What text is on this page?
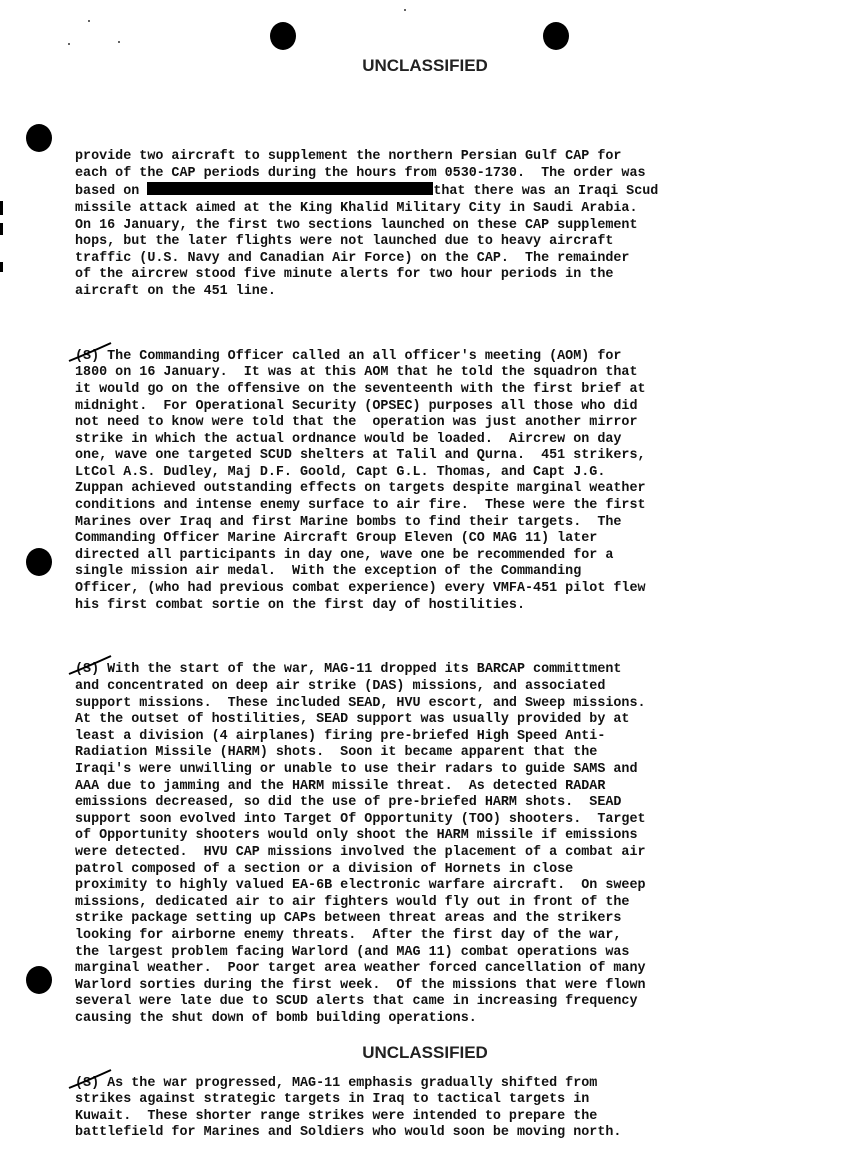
UNCLASSIFIED

provide two aircraft to supplement the northern Persian Gulf CAP for
each of the CAP periods during the hours from 0530-1730.  The order was
based on	that there was an Iraqi Scud
missile attack aimed at the King Khalid Military City in Saudi Arabia.
On 16 January, the first two sections launched on these CAP supplement
hops, but the later flights were not launched due to heavy aircraft
traffic (U.S. Navy and Canadian Air Force) on the CAP.  The remainder
of the aircrew stood five minute alerts for two hour periods in the
aircraft on the 451 line.

(S)
The Commanding Officer called an all officer's meeting (AOM) for
1800 on 16 January.  It was at this AOM that he told the squadron that
it would go on the offensive on the seventeenth with the first brief at
midnight.  For Operational Security (OPSEC) purposes all those who did
not need to know were told that the  operation was just another mirror
strike in which the actual ordnance would be loaded.  Aircrew on day
one, wave one targeted SCUD shelters at Talil and Qurna.  451 strikers,
LtCol A.S. Dudley, Maj D.F. Goold, Capt G.L. Thomas, and Capt J.G.
Zuppan achieved outstanding effects on targets despite marginal weather
conditions and intense enemy surface to air fire.  These were the first
Marines over Iraq and first Marine bombs to find their targets.  The
Commanding Officer Marine Aircraft Group Eleven (CO MAG 11) later
directed all participants in day one, wave one be recommended for a
single mission air medal.  With the exception of the Commanding
Officer, (who had previous combat experience) every VMFA-451 pilot flew
his first combat sortie on the first day of hostilities.

(S)
With the start of the war, MAG-11 dropped its BARCAP committment
and concentrated on deep air strike (DAS) missions, and associated
support missions.  These included SEAD, HVU escort, and Sweep missions.
At the outset of hostilities, SEAD support was usually provided by at
least a division (4 airplanes) firing pre-briefed High Speed Anti-
Radiation Missile (HARM) shots.  Soon it became apparent that the
Iraqi's were unwilling or unable to use their radars to guide SAMS and
AAA due to jamming and the HARM missile threat.  As detected RADAR
emissions decreased, so did the use of pre-briefed HARM shots.  SEAD
support soon evolved into Target Of Opportunity (TOO) shooters.  Target
of Opportunity shooters would only shoot the HARM missile if emissions
were detected.  HVU CAP missions involved the placement of a combat air
patrol composed of a section or a division of Hornets in close
proximity to highly valued EA-6B electronic warfare aircraft.  On sweep
missions, dedicated air to air fighters would fly out in front of the
strike package setting up CAPs between threat areas and the strikers
looking for airborne enemy threats.  After the first day of the war,
the largest problem facing Warlord (and MAG 11) combat operations was
marginal weather.  Poor target area weather forced cancellation of many
Warlord sorties during the first week.  Of the missions that were flown
several were late due to SCUD alerts that came in increasing frequency
causing the shut down of bomb building operations.

(S)
As the war progressed, MAG-11 emphasis gradually shifted from
strikes against strategic targets in Iraq to tactical targets in
Kuwait.  These shorter range strikes were intended to prepare the
battlefield for Marines and Soldiers who would soon be moving north.

UNCLASSIFIED
